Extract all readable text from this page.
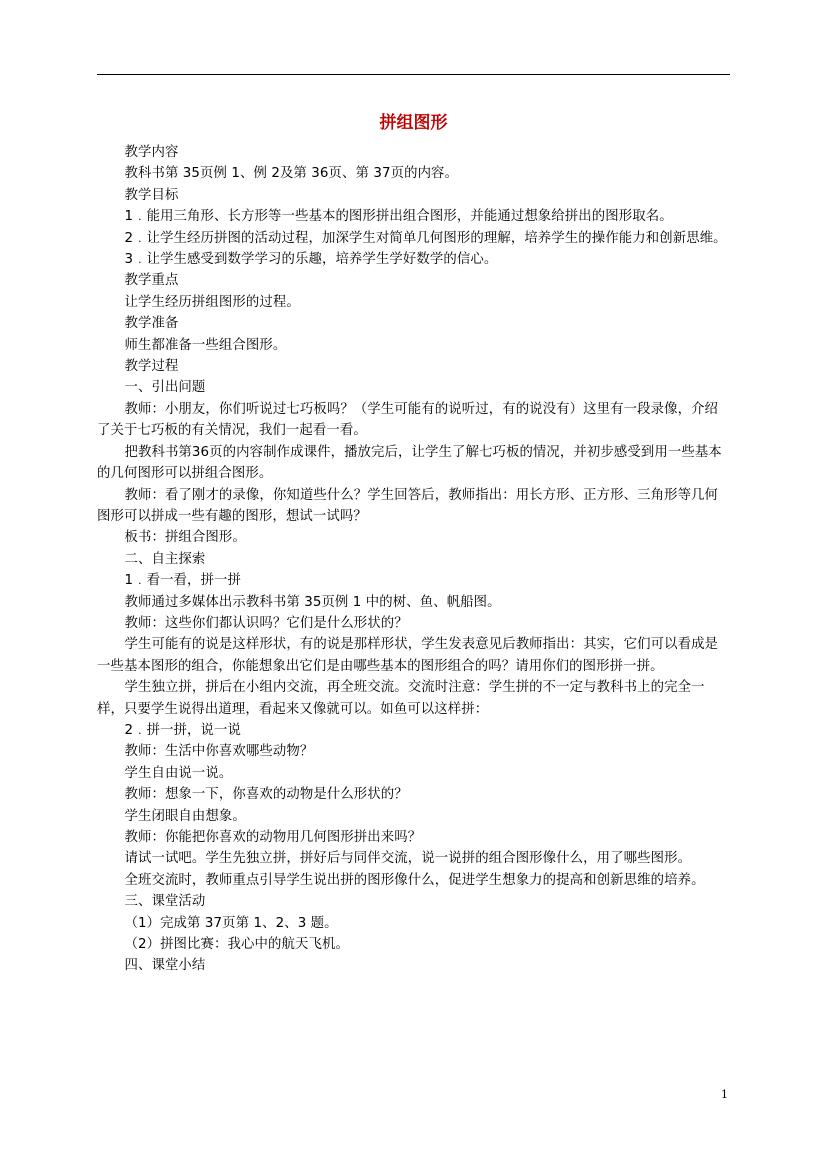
拼组图形

教学内容

教科书第 35页例 1、例 2及第 36页、第 37页的内容。

教学目标

1﹒能用三角形、长方形等一些基本的图形拼出组合图形，并能通过想象给拼出的图形取名。

2﹒让学生经历拼图的活动过程，加深学生对简单几何图形的理解，培养学生的操作能力和创新思维。

3﹒让学生感受到数学学习的乐趣，培养学生学好数学的信心。

教学重点

让学生经历拼组图形的过程。

教学准备

师生都准备一些组合图形。

教学过程

一、引出问题

教师：小朋友，你们听说过七巧板吗？（学生可能有的说听过，有的说没有）这里有一段录像，介绍了关于七巧板的有关情况，我们一起看一看。

把教科书第36页的内容制作成课件，播放完后，让学生了解七巧板的情况，并初步感受到用一些基本的几何图形可以拼组合图形。

教师：看了刚才的录像，你知道些什么？学生回答后，教师指出：用长方形、正方形、三角形等几何图形可以拼成一些有趣的图形，想试一试吗？

板书：拼组合图形。

二、自主探索

1﹒看一看，拼一拼

教师通过多媒体出示教科书第 35页例 1 中的树、鱼、帆船图。

教师：这些你们都认识吗？它们是什么形状的？

学生可能有的说是这样形状，有的说是那样形状，学生发表意见后教师指出：其实，它们可以看成是一些基本图形的组合，你能想象出它们是由哪些基本的图形组合的吗？请用你们的图形拼一拼。

学生独立拼，拼后在小组内交流，再全班交流。交流时注意：学生拼的不一定与教科书上的完全一样，只要学生说得出道理，看起来又像就可以。如鱼可以这样拼：

2﹒拼一拼，说一说

教师：生活中你喜欢哪些动物？

学生自由说一说。

教师：想象一下，你喜欢的动物是什么形状的？

学生闭眼自由想象。

教师：你能把你喜欢的动物用几何图形拼出来吗？

请试一试吧。学生先独立拼，拼好后与同伴交流，说一说拼的组合图形像什么，用了哪些图形。

全班交流时，教师重点引导学生说出拼的图形像什么，促进学生想象力的提高和创新思维的培养。

三、课堂活动

（1）完成第 37页第 1、2、3 题。

（2）拼图比赛：我心中的航天飞机。

四、课堂小结

1
